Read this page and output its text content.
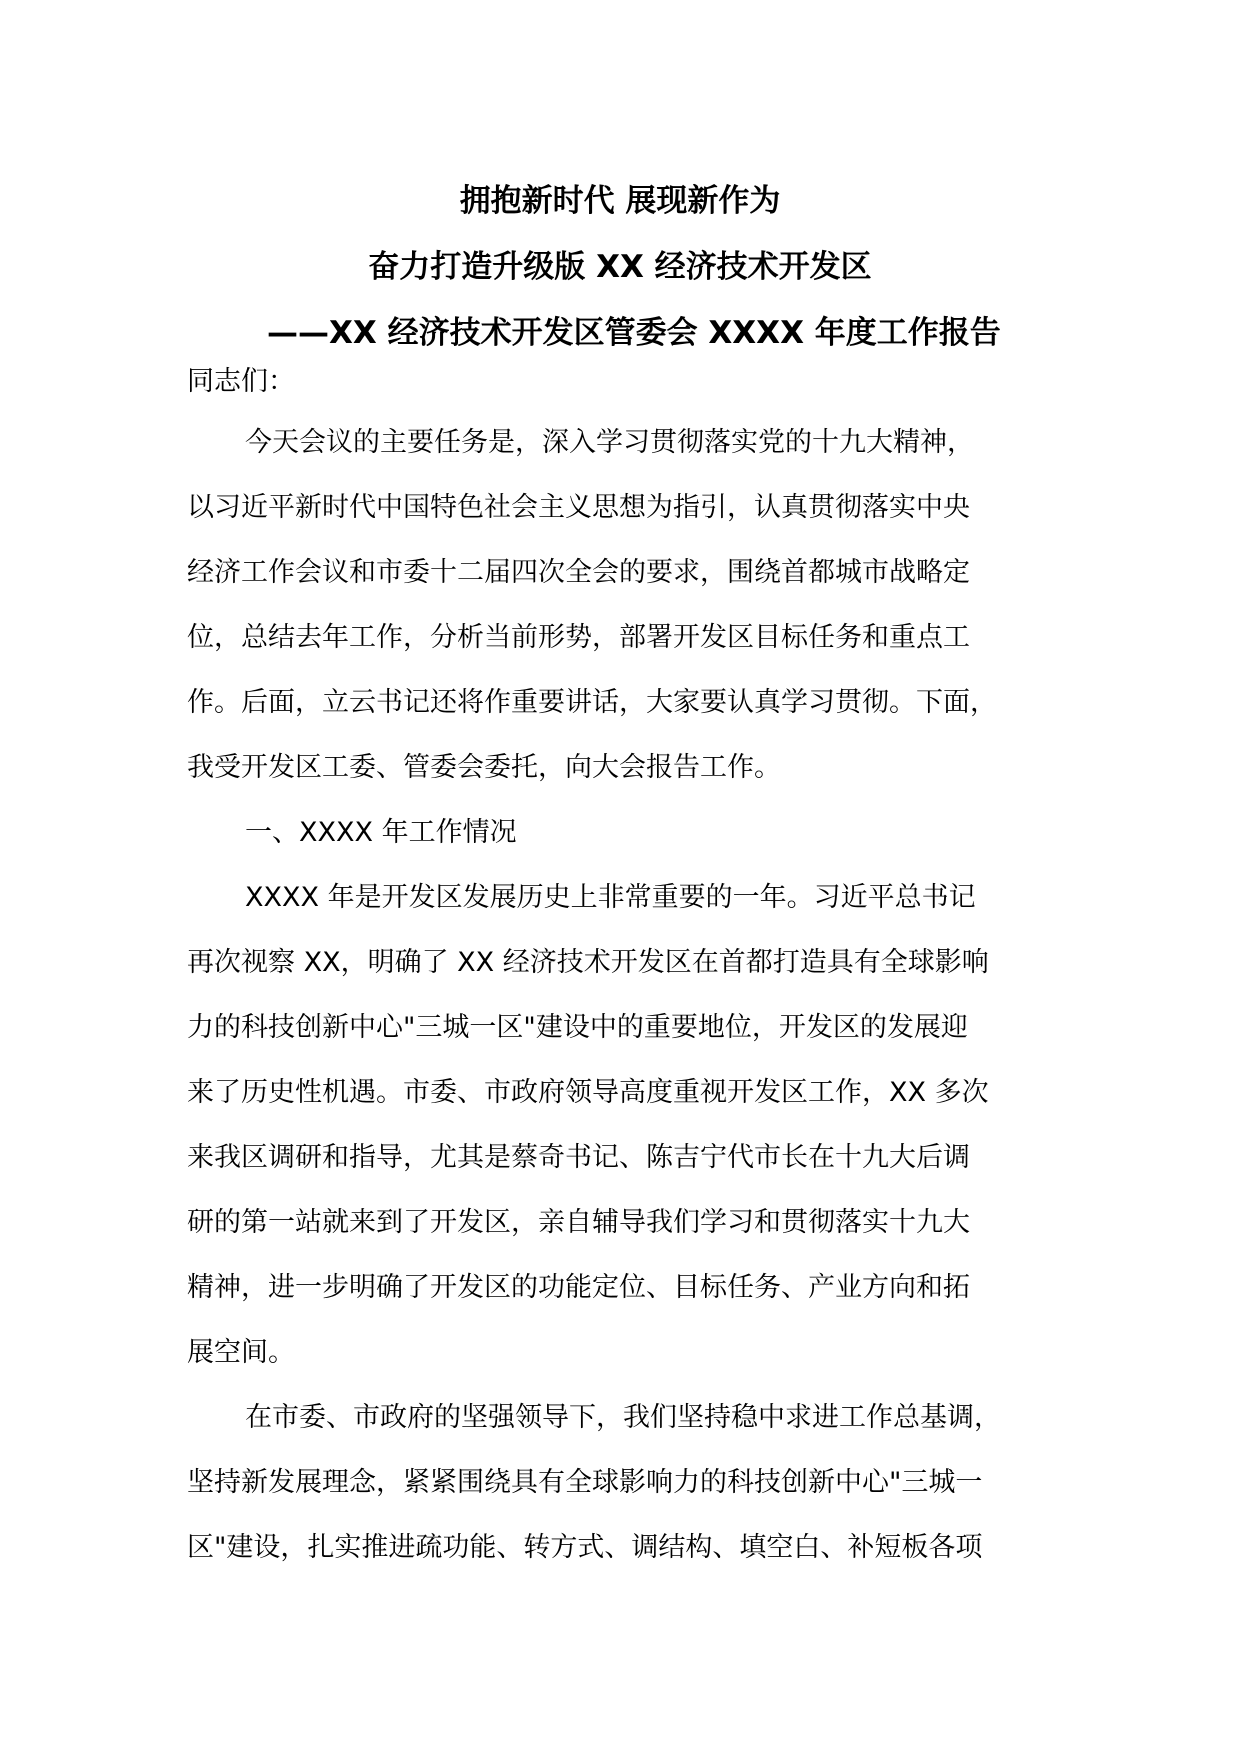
拥抱新时代 展现新作为
奋力打造升级版 XX 经济技术开发区
——XX 经济技术开发区管委会 XXXX 年度工作报告
同志们：
今天会议的主要任务是，深入学习贯彻落实党的十九大精神，
以习近平新时代中国特色社会主义思想为指引，认真贯彻落实中央
经济工作会议和市委十二届四次全会的要求，围绕首都城市战略定
位，总结去年工作，分析当前形势，部署开发区目标任务和重点工
作。后面，立云书记还将作重要讲话，大家要认真学习贯彻。下面，
我受开发区工委、管委会委托，向大会报告工作。
一、XXXX 年工作情况
XXXX 年是开发区发展历史上非常重要的一年。习近平总书记
再次视察 XX，明确了 XX 经济技术开发区在首都打造具有全球影响
力的科技创新中心"三城一区"建设中的重要地位，开发区的发展迎
来了历史性机遇。市委、市政府领导高度重视开发区工作，XX 多次
来我区调研和指导，尤其是蔡奇书记、陈吉宁代市长在十九大后调
研的第一站就来到了开发区，亲自辅导我们学习和贯彻落实十九大
精神，进一步明确了开发区的功能定位、目标任务、产业方向和拓
展空间。
在市委、市政府的坚强领导下，我们坚持稳中求进工作总基调，
坚持新发展理念，紧紧围绕具有全球影响力的科技创新中心"三城一
区"建设，扎实推进疏功能、转方式、调结构、填空白、补短板各项
